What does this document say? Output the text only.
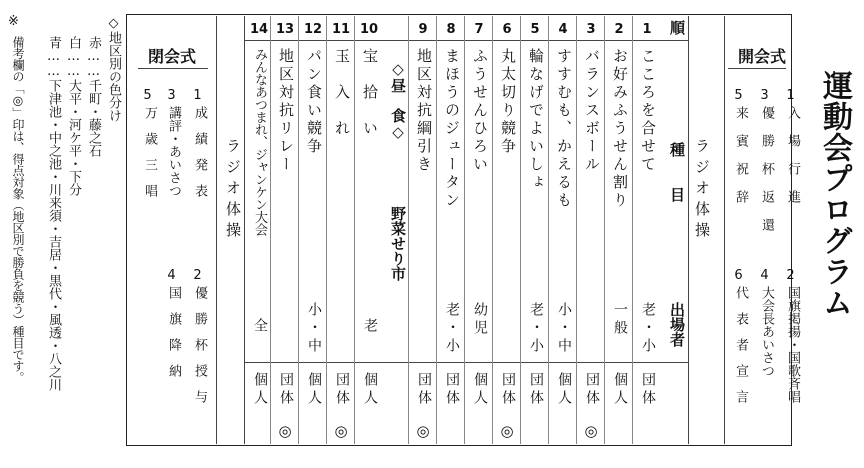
運動会プログラム
開会式
1
入　場　行　進
2
国旗掲揚・国歌斉唱
3
優　勝　杯　返　還
4
大会長あいさつ
5
来　賓　祝　辞
6
代　表　者　宣　言
ラジオ体操
順
種　　目
出場者
1
こころを合せて
老・小
団体
2
お好みふうせん割り
一般
個人
3
バランスボール
団体
◎
4
すすむも、かえるも
小・中
個人
5
輪なげでよいしょ
老・小
団体
6
丸太切り競争
団体
◎
7
ふうせんひろい
幼児
個人
8
まほうのジュータン
老・小
団体
9
地区対抗綱引き
団体
◎
10
宝　拾　い
老
個人
11
玉　入　れ
団体
◎
12
パン食い競争
小・中
個人
13
地区対抗リレー
団体
◎
14
みんなあつまれ、ジャンケン大会
全
個人
◇昼　食◇
野菜せり市
ラジオ体操
閉会式
1
成　績　発　表
2
優　勝　杯　授　与
3
講評・あいさつ
4
国　旗　降　納
5
万　歳　三　唱
◇地区別の色分け
赤……千町・藤之石
白……大平・河ケ平・下分
青……下津池・中之池・川来須・吉居・黒代・風透・八之川
※
備考欄の「◎」印は、得点対象（地区別で勝負を競う）種目です。
